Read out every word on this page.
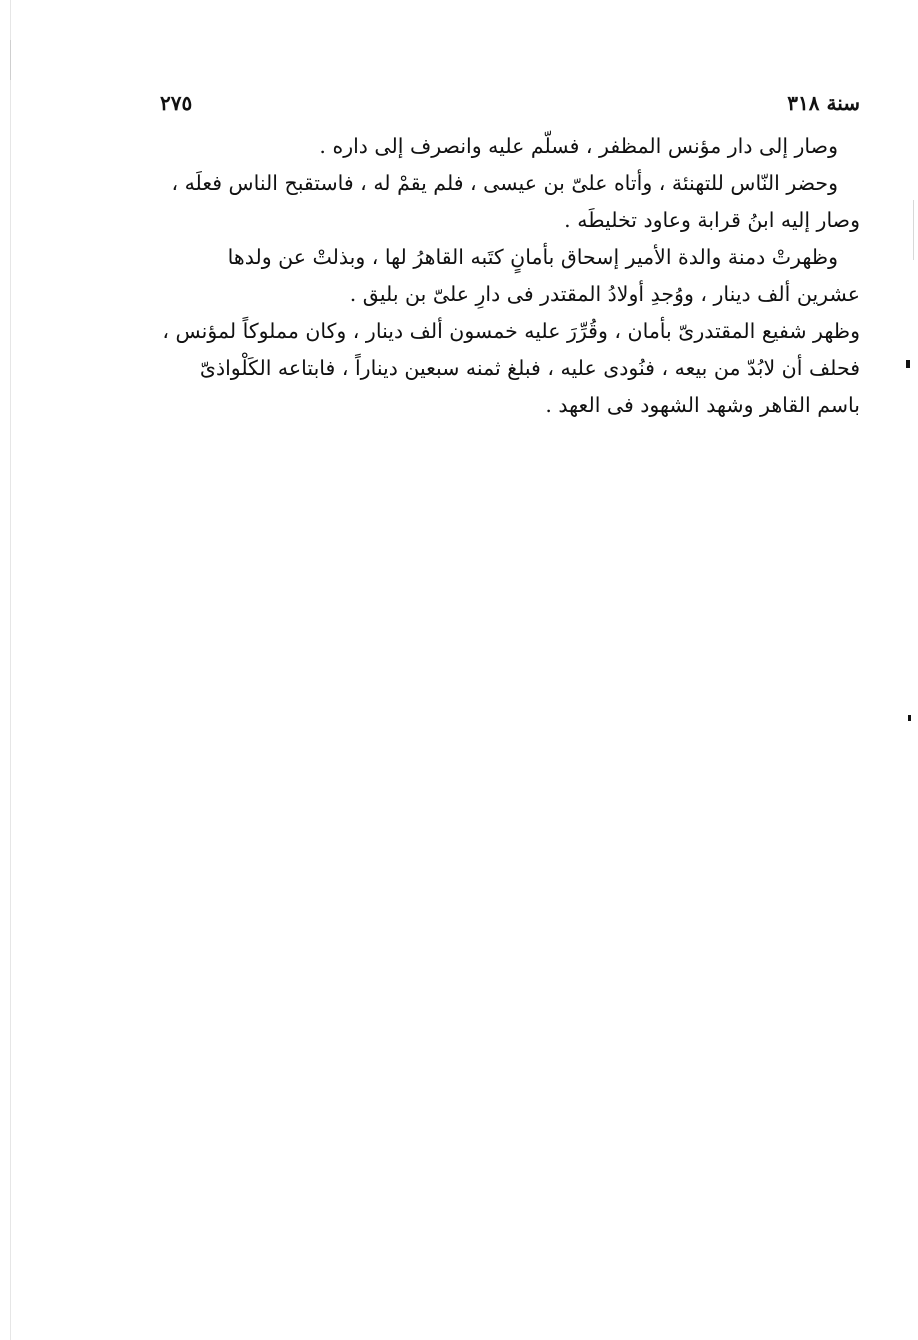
سنة ٣١٨
٢٧٥

وصار إلى دار مؤنس المظفر ، فسلّم عليه وانصرف إلى داره .

وحضر النّاس للتهنئة ، وأتاه علىّ بن عيسى ، فلم يقمْ له ، فاستقبح الناس فعلَه ،
وصار إليه ابنُ قرابة وعاود تخليطَه .

وظهرتْ دمنة والدة الأمير إسحاق بأمانٍ كتَبه القاهرُ لها ، وبذلتْ عن ولدها
عشرين ألف دينار ، ووُجدِ أولادُ المقتدر فى دارِ علىّ بن بليق .

وظهر شفيع المقتدرىّ بأمان ، وقُرِّرَ عليه خمسون ألف دينار ، وكان مملوكاً لمؤنس ،
فحلف أن لابُدّ من بيعه ، فنُودى عليه ، فبلغ ثمنه سبعين ديناراً ، فابتاعه الكَلْواذىّ
باسم القاهر وشهد الشهود فى العهد .
